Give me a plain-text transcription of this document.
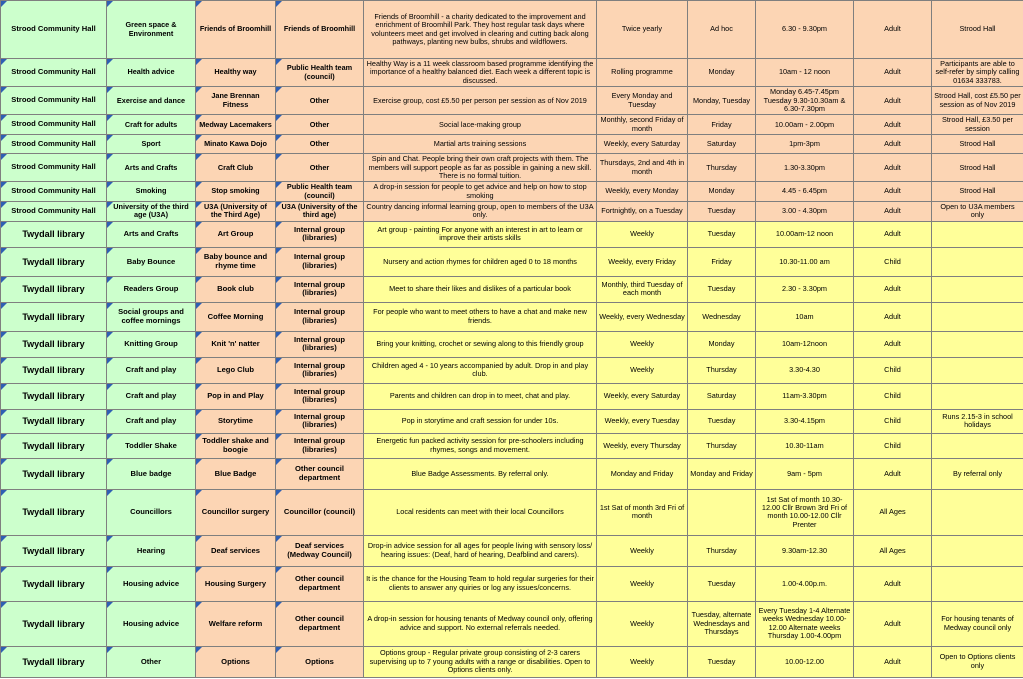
Strood Community Hall	Green space & Environment	Friends of Broomhill	Friends of Broomhill	Friends of Broomhill - a charity dedicated to the improvement and enrichment of Broomhill Park. They host regular task days where volunteers meet and get involved in clearing and cutting back along pathways, planting new bulbs, shrubs and wildflowers.	Twice yearly	Ad hoc	6.30 - 9.30pm	Adult	Strood Hall

Strood Community Hall	Health advice	Healthy way	Public Health team (council)	Healthy Way is a 11 week classroom based programme identifying the importance of a healthy balanced diet. Each week a different topic is discussed.	Rolling programme	Monday	10am - 12 noon	Adult	Participants are able to self-refer by simply calling 01634 333783.

Strood Community Hall	Exercise and dance	Jane Brennan Fitness	Other	Exercise group, cost £5.50 per person per session as of Nov 2019	Every Monday and Tuesday	Monday, Tuesday	Monday 6.45-7.45pm Tuesday 9.30-10.30am & 6.30-7.30pm	Adult	Strood Hall, cost £5.50 per session as of Nov 2019

Strood Community Hall	Craft for adults	Medway Lacemakers	Other	Social lace-making group	Monthly, second Friday of month	Friday	10.00am - 2.00pm	Adult	Strood Hall, £3.50 per session

Strood Community Hall	Sport	Minato Kawa Dojo	Other	Martial arts training sessions	Weekly, every Saturday	Saturday	1pm-3pm	Adult	Strood Hall

Strood Community Hall	Arts and Crafts	Craft Club	Other	Spin and Chat. People bring their own craft projects with them. The members will support people as far as possible in gaining a new skill. There is no formal tuition.	Thursdays, 2nd and 4th in month	Thursday	1.30-3.30pm	Adult	Strood Hall

Strood Community Hall	Smoking	Stop smoking	Public Health team (council)	A drop-in session for people to get advice and help on how to stop smoking	Weekly, every Monday	Monday	4.45 - 6.45pm	Adult	Strood Hall

Strood Community Hall	University of the third age (U3A)	U3A (University of the Third Age)	U3A (University of the third age)	Country dancing informal learning group, open to members of the U3A only.	Fortnightly, on a Tuesday	Tuesday	3.00 - 4.30pm	Adult	Open to U3A members only

Twydall library	Arts and Crafts	Art Group	Internal group (libraries)	Art group - painting For anyone with an interest in art to learn or improve their artists skills	Weekly	Tuesday	10.00am-12 noon	Adult	

Twydall library	Baby Bounce	Baby bounce and rhyme time	Internal group (libraries)	Nursery and action rhymes for children aged 0 to 18 months	Weekly, every Friday	Friday	10.30-11.00 am	Child	

Twydall library	Readers Group	Book club	Internal group (libraries)	Meet to share their likes and dislikes of a particular book	Monthly, third Tuesday of each month	Tuesday	2.30 - 3.30pm	Adult	

Twydall library	Social groups and coffee mornings	Coffee Morning	Internal group (libraries)	For people who want to meet others to have a chat and make new friends.	Weekly, every Wednesday	Wednesday	10am	Adult	

Twydall library	Knitting Group	Knit 'n' natter	Internal group (libraries)	Bring your knitting, crochet or sewing along to this friendly group	Weekly	Monday	10am-12noon	Adult	

Twydall library	Craft and play	Lego Club	Internal group (libraries)	Children aged 4 - 10 years accompanied by adult. Drop in and play club.	Weekly	Thursday	3.30-4.30	Child	

Twydall library	Craft and play	Pop in and Play	Internal group (libraries)	Parents and children can drop in to meet, chat and play.	Weekly, every Saturday	Saturday	11am-3.30pm	Child	

Twydall library	Craft and play	Storytime	Internal group (libraries)	Pop in storytime and craft session for under 10s.	Weekly, every Tuesday	Tuesday	3.30-4.15pm	Child	Runs 2.15-3 in school holidays

Twydall library	Toddler Shake	Toddler shake and boogie	Internal group (libraries)	Energetic fun packed activity session for pre-schoolers including rhymes, songs and movement.	Weekly, every Thursday	Thursday	10.30-11am	Child	

Twydall library	Blue badge	Blue Badge	Other council department	Blue Badge Assessments. By referral only.	Monday and Friday	Monday and Friday	9am - 5pm	Adult	By referral only

Twydall library	Councillors	Councillor surgery	Councillor (council)	Local residents can meet with their local Councillors	1st Sat of month 3rd Fri of month		1st Sat of month 10.30-12.00 Cllr Brown 3rd Fri of month 10.00-12.00 Cllr Prenter	All Ages	

Twydall library	Hearing	Deaf services	Deaf services (Medway Council)	Drop-in advice session for all ages for people living with sensory loss/ hearing issues: (Deaf, hard of hearing, Deafblind and carers).	Weekly	Thursday	9.30am-12.30	All Ages	

Twydall library	Housing advice	Housing Surgery	Other council department	It is the chance for the Housing Team to hold regular surgeries for their clients to answer any quiries or log any issues/concerns.	Weekly	Tuesday	1.00-4.00p.m.	Adult	

Twydall library	Housing advice	Welfare reform	Other council department	A drop-in session for housing tenants of Medway council only, offering advice and support. No external referrals needed.	Weekly	Tuesday, alternate Wednesdays and Thursdays	Every Tuesday 1-4 Alternate weeks Wednesday 10.00-12.00 Alternate weeks Thursday 1.00-4.00pm	Adult	For housing tenants of Medway council only

Twydall library	Other	Options	Options	Options group - Regular private group consisting of 2-3 carers supervising up to 7 young adults with a range or disabilities. Open to Options clients only.	Weekly	Tuesday	10.00-12.00	Adult	Open to Options clients only
